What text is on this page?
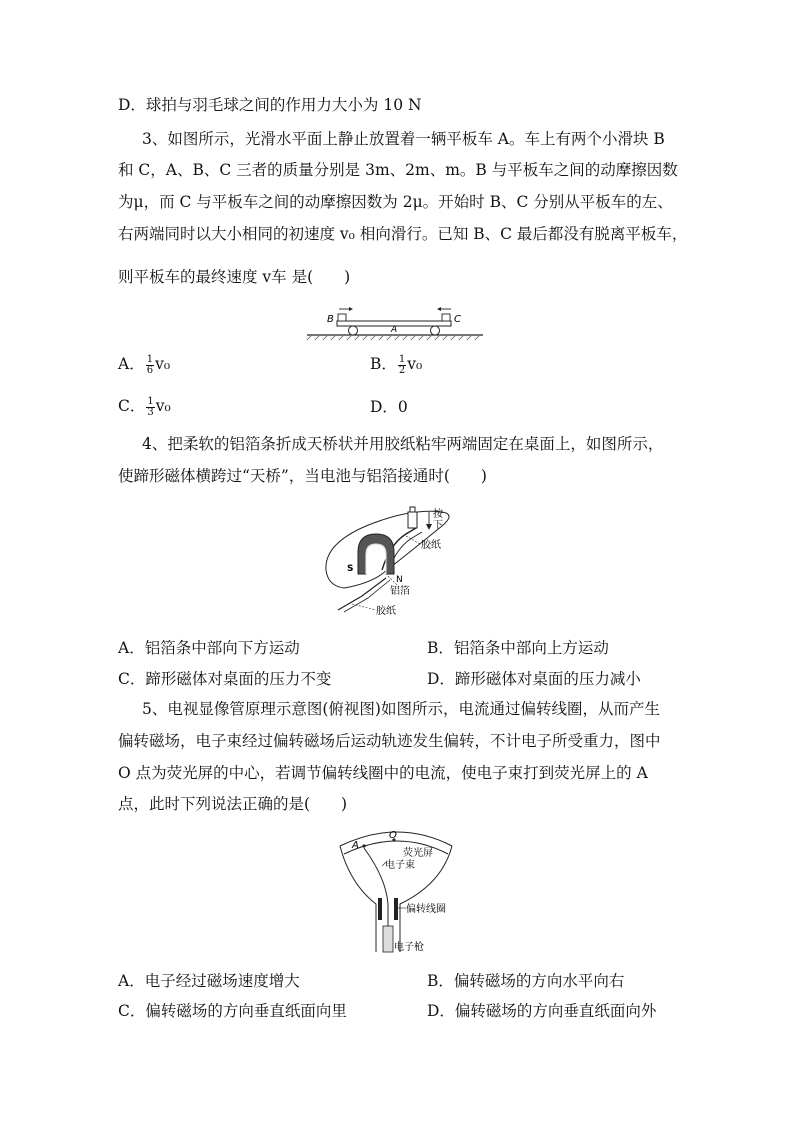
D．球拍与羽毛球之间的作用力大小为 10 N
3、如图所示，光滑水平面上静止放置着一辆平板车 A。车上有两个小滑块 B
和 C，A、B、C 三者的质量分别是 3m、2m、m。B 与平板车之间的动摩擦因数
为μ，而 C 与平板车之间的动摩擦因数为 2μ。开始时 B、C 分别从平板车的左、
右两端同时以大小相同的初速度 v₀ 相向滑行。已知 B、C 最后都没有脱离平板车，
则平板车的最终速度 v车 是(　　)
B
A
C
A． $\frac{1}{6} v_0$	B． $\frac{1}{2} v_0$
C． $\frac{1}{3} v_0$	D．0
4、把柔软的铝箔条折成天桥状并用胶纸粘牢两端固定在桌面上，如图所示，
使蹄形磁体横跨过“天桥”，当电池与铝箔接通时(　　)
按
下
S
N
胶纸
铝箔
胶纸
A．铝箔条中部向下方运动	B．铝箔条中部向上方运动
C．蹄形磁体对桌面的压力不变	D．蹄形磁体对桌面的压力减小
5、电视显像管原理示意图(俯视图)如图所示，电流通过偏转线圈，从而产生
偏转磁场，电子束经过偏转磁场后运动轨迹发生偏转，不计电子所受重力，图中
O 点为荧光屏的中心，若调节偏转线圈中的电流，使电子束打到荧光屏上的 A
点，此时下列说法正确的是(　　)
A
O
荧光屏
电子束
偏转线圈
电子枪
A．电子经过磁场速度增大	B．偏转磁场的方向水平向右
C．偏转磁场的方向垂直纸面向里	D．偏转磁场的方向垂直纸面向外
